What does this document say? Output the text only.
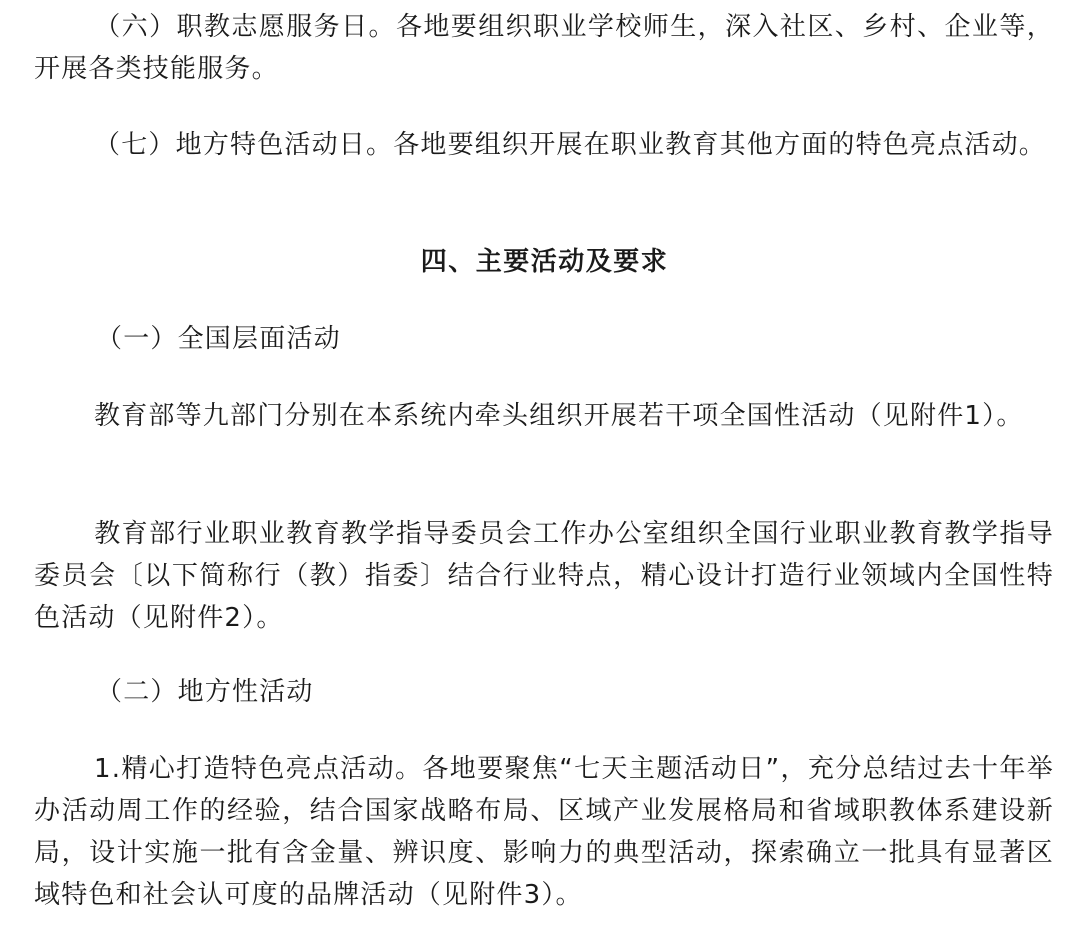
（六）职教志愿服务日。各地要组织职业学校师生，深入社区、乡村、企业等，开展各类技能服务。

（七）地方特色活动日。各地要组织开展在职业教育其他方面的特色亮点活动。

四、主要活动及要求

（一）全国层面活动

教育部等九部门分别在本系统内牵头组织开展若干项全国性活动（见附件1）。

教育部行业职业教育教学指导委员会工作办公室组织全国行业职业教育教学指导委员会〔以下简称行（教）指委〕结合行业特点，精心设计打造行业领域内全国性特色活动（见附件2）。

（二）地方性活动

1.精心打造特色亮点活动。各地要聚焦“七天主题活动日”，充分总结过去十年举办活动周工作的经验，结合国家战略布局、区域产业发展格局和省域职教体系建设新局，设计实施一批有含金量、辨识度、影响力的典型活动，探索确立一批具有显著区域特色和社会认可度的品牌活动（见附件3）。
